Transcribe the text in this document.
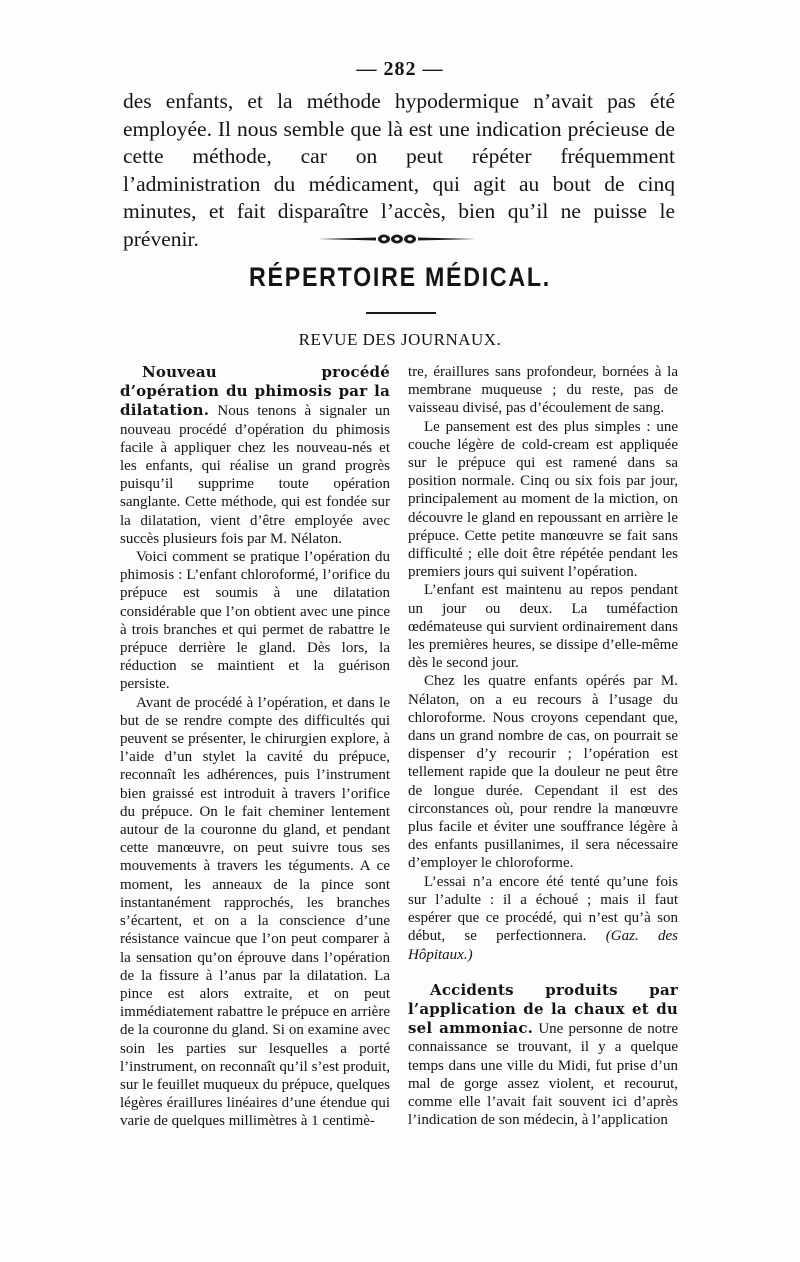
— 282 —

des enfants, et la méthode hypodermique n’avait pas été employée. Il nous semble que là est une indication précieuse de cette méthode, car on peut répéter fréquemment l’administration du médicament, qui agit au bout de cinq minutes, et fait disparaître l’accès, bien qu’il ne puisse le prévenir.

RÉPERTOIRE MÉDICAL.
REVUE DES JOURNAUX.

Nouveau procédé d’opération du phimosis par la dilatation. Nous tenons à signaler un nouveau procédé d’opération du phimosis facile à appliquer chez les nouveau-nés et les enfants, qui réalise un grand progrès puisqu’il supprime toute opération sanglante. Cette méthode, qui est fondée sur la dilatation, vient d’être employée avec succès plusieurs fois par M. Nélaton.

Voici comment se pratique l’opération du phimosis : L’enfant chloroformé, l’orifice du prépuce est soumis à une dilatation considérable que l’on obtient avec une pince à trois branches et qui permet de rabattre le prépuce derrière le gland. Dès lors, la réduction se maintient et la guérison persiste.

Avant de procédé à l’opération, et dans le but de se rendre compte des difficultés qui peuvent se présenter, le chirurgien explore, à l’aide d’un stylet la cavité du prépuce, reconnaît les adhérences, puis l’instrument bien graissé est introduit à travers l’orifice du prépuce. On le fait cheminer lentement autour de la couronne du gland, et pendant cette manœuvre, on peut suivre tous ses mouvements à travers les téguments. A ce moment, les anneaux de la pince sont instantanément rapprochés, les branches s’écartent, et on a la conscience d’une résistance vaincue que l’on peut comparer à la sensation qu’on éprouve dans l’opération de la fissure à l’anus par la dilatation. La pince est alors extraite, et on peut immédiatement rabattre le prépuce en arrière de la couronne du gland. Si on examine avec soin les parties sur lesquelles a porté l’instrument, on reconnaît qu’il s’est produit, sur le feuillet muqueux du prépuce, quelques légères éraillures linéaires d’une étendue qui varie de quelques millimètres à 1 centimè-

tre, éraillures sans profondeur, bornées à la membrane muqueuse ; du reste, pas de vaisseau divisé, pas d’écoulement de sang.

Le pansement est des plus simples : une couche légère de cold-cream est appliquée sur le prépuce qui est ramené dans sa position normale. Cinq ou six fois par jour, principalement au moment de la miction, on découvre le gland en repoussant en arrière le prépuce. Cette petite manœuvre se fait sans difficulté ; elle doit être répétée pendant les premiers jours qui suivent l’opération.

L’enfant est maintenu au repos pendant un jour ou deux. La tuméfaction œdémateuse qui survient ordinairement dans les premières heures, se dissipe d’elle-même dès le second jour.

Chez les quatre enfants opérés par M. Nélaton, on a eu recours à l’usage du chloroforme. Nous croyons cependant que, dans un grand nombre de cas, on pourrait se dispenser d’y recourir ; l’opération est tellement rapide que la douleur ne peut être de longue durée. Cependant il est des circonstances où, pour rendre la manœuvre plus facile et éviter une souffrance légère à des enfants pusillanimes, il sera nécessaire d’employer le chloroforme.

L’essai n’a encore été tenté qu’une fois sur l’adulte : il a échoué ; mais il faut espérer que ce procédé, qui n’est qu’à son début, se perfectionnera. (Gaz. des Hôpitaux.)

Accidents produits par l’application de la chaux et du sel ammoniac. Une personne de notre connaissance se trouvant, il y a quelque temps dans une ville du Midi, fut prise d’un mal de gorge assez violent, et recourut, comme elle l’avait fait souvent ici d’après l’indication de son médecin, à l’application
